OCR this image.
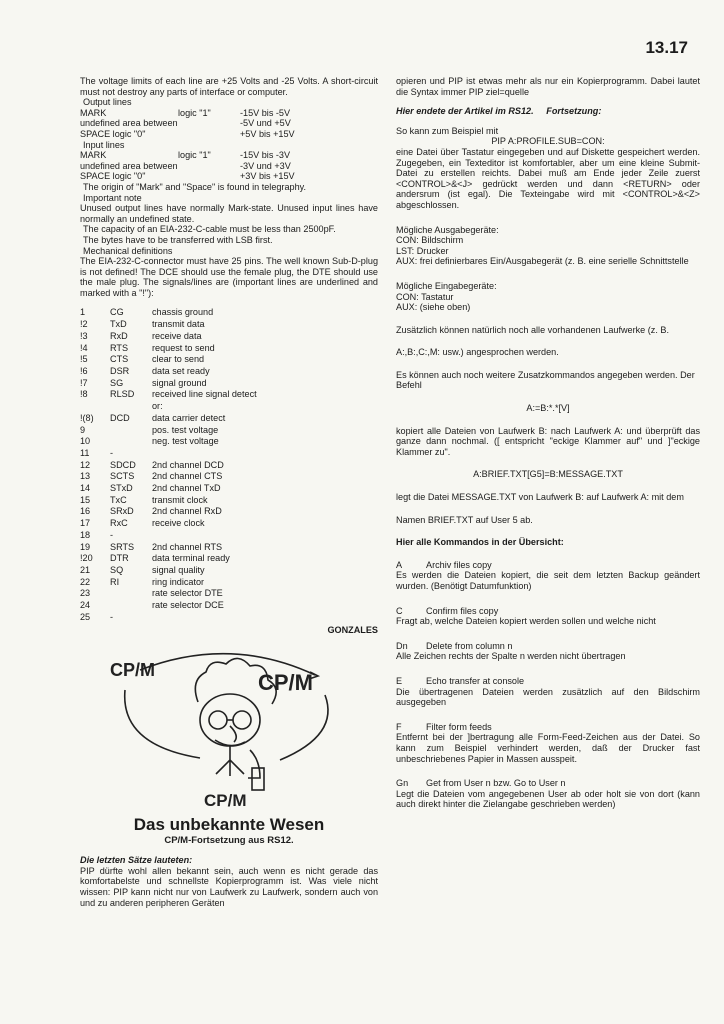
13.17

The voltage limits of each line are +25 Volts and -25 Volts. A short-circuit must not destroy any parts of interface or computer.

Output lines

MARK	logic "1"	-15V bis -5V
undefined area between		-5V und +5V
SPACE logic "0"		+5V bis +15V

Input lines

MARK	logic "1"	-15V bis -3V
undefined area between		-3V und +3V
SPACE logic "0"		+3V bis +15V

The origin of "Mark" and "Space" is found in telegraphy.

Important note

Unused output lines have normally Mark-state. Unused input lines have normally an undefined state.

The capacity of an EIA-232-C-cable must be less than 2500pF.

The bytes have to be transferred with LSB first.

Mechanical definitions

The EIA-232-C-connector must have 25 pins. The well known Sub-D-plug is not defined! The DCE should use the female plug, the DTE should use the male plug. The signals/lines are (important lines are underlined and marked with a "!"):

1	CG	chassis ground
!2	TxD	transmit data
!3	RxD	receive data
!4	RTS	request to send
!5	CTS	clear to send
!6	DSR	data set ready
!7	SG	signal ground
!8	RLSD	received line signal detect
		or:
!(8)	DCD	data carrier detect
9		pos. test voltage
10		neg. test voltage
11	-	
12	SDCD	2nd channel DCD
13	SCTS	2nd channel CTS
14	STxD	2nd channel TxD
15	TxC	transmit clock
16	SRxD	2nd channel RxD
17	RxC	receive clock
18	-	
19	SRTS	2nd channel RTS
!20	DTR	data terminal ready
21	SQ	signal quality
22	RI	ring indicator
23		rate selector DTE
24		rate selector DCE
25	-	
GONZALES
CP/M	CP/M
CP/M
Das unbekannte Wesen
CP/M-Fortsetzung aus RS12.

Die letzten Sätze lauteten:

PIP dürfte wohl allen bekannt sein, auch wenn es nicht gerade das komfortabelste und schnellste Kopierprogramm ist. Was viele nicht wissen: PIP kann nicht nur von Laufwerk zu Laufwerk, sondern auch von und zu anderen peripheren Geräten

opieren und PIP ist etwas mehr als nur ein Kopierprogramm. Dabei lautet die Syntax immer PIP ziel=quelle

Hier endete der Artikel im RS12. Fortsetzung:

So kann zum Beispiel mit

PIP A:PROFILE.SUB=CON:

eine Datei über Tastatur eingegeben und auf Diskette gespeichert werden. Zugegeben, ein Texteditor ist komfortabler, aber um eine kleine Submit-Datei zu erstellen reichts. Dabei muß am Ende jeder Zeile zuerst <CONTROL>&<J> gedrückt werden und dann <RETURN> oder andersrum (ist egal). Die Texteingabe wird mit <CONTROL>&<Z> abgeschlossen.

Mögliche Ausgabegeräte:

CON: Bildschirm

LST: Drucker

AUX: frei definierbares Ein/Ausgabegerät (z. B. eine serielle Schnittstelle

Mögliche Eingabegeräte:

CON: Tastatur

AUX: (siehe oben)

Zusätzlich können natürlich noch alle vorhandenen Laufwerke (z. B.

A:,B:,C:,M: usw.) angesprochen werden.

Es können auch noch weitere Zusatzkommandos angegeben werden. Der Befehl

A:=B:*.*[V]

kopiert alle Dateien von Laufwerk B: nach Laufwerk A: und überprüft das ganze dann nochmal. ([ entspricht "eckige Klammer auf" und ]"eckige Klammer zu".

A:BRIEF.TXT[G5]=B:MESSAGE.TXT

legt die Datei MESSAGE.TXT von Laufwerk B: auf Laufwerk A: mit dem

Namen BRIEF.TXT auf User 5 ab.

Hier alle Kommandos in der Übersicht:

A	Archiv files copy

Es werden die Dateien kopiert, die seit dem letzten Backup geändert wurden. (Benötigt Datumfunktion)

C	Confirm files copy

Fragt ab, welche Dateien kopiert werden sollen und welche nicht

Dn Delete from column n

Alle Zeichen rechts der Spalte n werden nicht übertragen

E	Echo transfer at console

Die übertragenen Dateien werden zusätzlich auf den Bildschirm ausgegeben

F	Filter form feeds

Entfernt bei der ]bertragung alle Form-Feed-Zeichen aus der Datei. So kann zum Beispiel verhindert werden, daß der Drucker fast unbeschriebenes Papier in Massen ausspeit.

Gn Get from User n bzw. Go to User n

Legt die Dateien vom angegebenen User ab oder holt sie von dort (kann auch direkt hinter die Zielangabe geschrieben werden)
